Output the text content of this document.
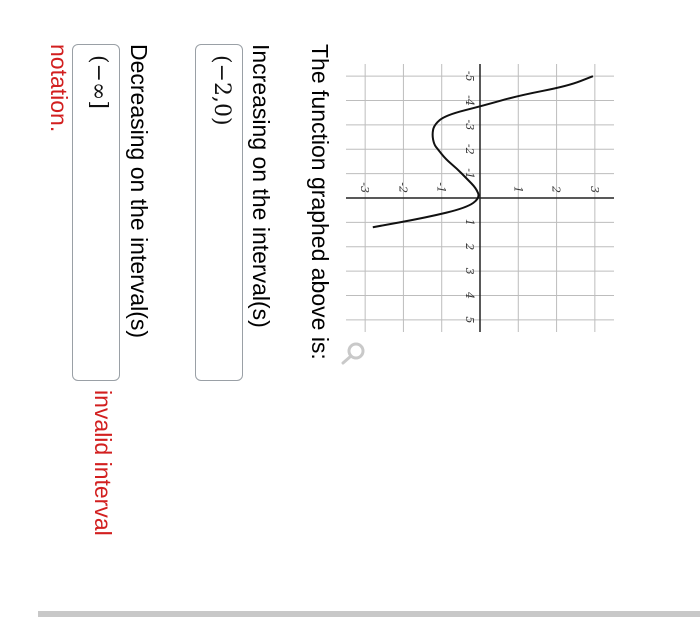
-5
-4
-3
-2
-1
1
2
3
4
5
-3 -2 -1	1 2 3
The function graphed above is:
Increasing on the interval(s)
(−2,0)
Decreasing on the interval(s)
(−∞]
invalid interval
notation.
